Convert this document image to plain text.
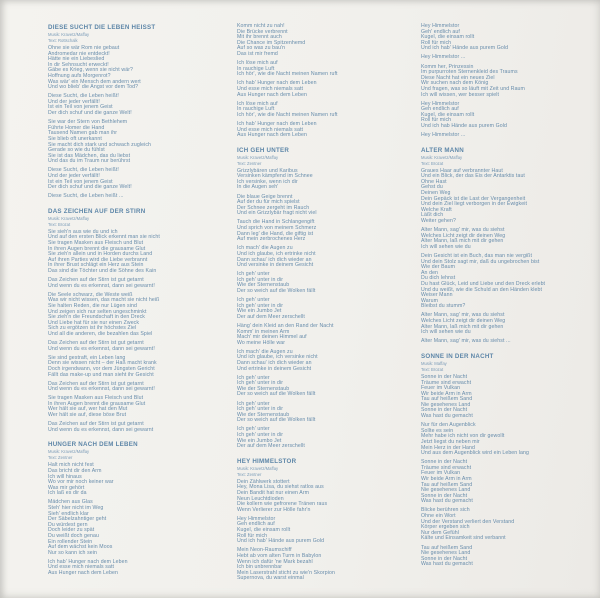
DIESE SUCHT DIE LEBEN HEISST
Musik: Kravetz/Maffay
Text: Rottschalk
Ohne sie wär Rom nie gebaut
Andromedar nie entdeckt!
Hätte nie ein Liebeslied
In dir Sehnsucht erweckt!
Gäbe es Krieg, wenn sie nicht wär?
Hoffnung aufs Morgenrot?
Was wär' ein Mensch dem andern wert
Und wo blieb' die Angst vor dem Tod?
Diese Sucht, die Leben heißt!
Und der jeder verfällt!
Ist ein Teil von jenem Geist
Der dich schuf und die ganze Welt!
Sie war der Stern von Bethlehem
Führte Homer die Hand
Tausend Namen gab man ihr
Sie blieb oft unerkannt
Sie macht dich stark und schwach zugleich
Gerade so wie du fühlst
Sie ist das Mädchen, das du liebst
Und das du im Traum nur berührst
Diese Sucht, die Leben heißt!
Und der jeder verfällt!
Ist ein Teil von jenem Geist
Der dich schuf und die ganze Welt!
Diese Sucht, die Leben heißt ...
DAS ZEICHEN AUF DER STIRN
Musik: Kravetz/Maffay
Text: Brozat
Sie sieh'n aus wie du und ich
Und auf den ersten Blick erkennt man sie nicht
Sie tragen Masken aus Fleisch und Blut
In ihren Augen brennt die grausame Glut
Sie zieh'n allein und in Horden durchs Land
Auf ihren Parties wird die Liebe verbrannt
In ihrer Brust schlägt ein Herz aus Stein
Das sind die Töchter und die Söhne des Kain
Das Zeichen auf der Stirn ist gut getarnt
Und wenn du es erkennst, dann sei gewarnt!
Die Seele schwarz, die Weste weiß
Was wir nicht wissen, das macht sie nicht heiß
Sie halten Reden, die nur Lügen sind
Und zeigen sich nur selten ungeschminkt
Sie zieh'n die Freundschaft in den Dreck
Und Liebe hat für sie nur einen Zweck
Sich zu ergötzen ist ihr höchstes Ziel
Und all die anderen, die bezahlen das Spiel
Das Zeichen auf der Stirn ist gut getarnt
Und wenn du es erkennst, dann sei gewarnt!
Sie sind gestraft, ein Leben lang
Denn sie wissen nicht – der Haß macht krank
Doch irgendwann, vor dem Jüngsten Gericht
Fällt das make-up und man sieht ihr Gesicht
Das Zeichen auf der Stirn ist gut getarnt
Und wenn du es erkennst, dann sei gewarnt!
Sie tragen Masken aus Fleisch und Blut
In ihren Augen brennt die grausame Glut
Wer hält sie auf, wer hat den Mut
Wer hält sie auf, diese böse Brut
Das Zeichen auf der Stirn ist gut getarnt
Und wenn du es erkennst, dann sei gewarnt
HUNGER NACH DEM LEBEN
Musik: Kravetz/Maffay
Text: Zentner
Halt mich nicht fest
Das bricht dir den Arm
Ich will hinaus
Wo vor mir noch keiner war
Was mir gehört
Ich laß es dir da
Mädchen aus Glas
Steh' hier nicht im Weg
Sieh' endlich klar
Der Säbelzahntiger geht
Du würdest gern
Doch leider zu spät
Du weißt doch genau
Ein rollender Stein
Auf dem wächst kein Moos
Nur so kann ich sein
Ich hab' Hunger nach dem Leben
Und esse mich niemals satt
Aus Hunger nach dem Leben
Komm nicht zu nah!
Die Brücke verbrennt
Mit ihr brennt auch
Die Chance im Spitzenhemd
Auf so was zu bau'n
Das ist mir fremd
Ich löse mich auf
In rauchige Luft
Ich hör', wie die Nacht meinen Namen ruft
Ich hab' Hunger nach dem Leben
Und esse mich niemals satt
Aus Hunger nach dem Leben
Ich löse mich auf
In rauchige Luft
Ich hör', wie die Nacht meinen Namen ruft
Ich hab' Hunger nach dem Leben
Und esse mich niemals satt
Aus Hunger nach dem Leben
ICH GEH UNTER
Musik: Kravetz/Maffay
Text: Zentner
Grizzlybären und Karibus
Versinken kämpfend im Schnee
Ich versinke, wenn ich dir
In die Augen seh'
Die blaue Geige brennt
Auf der du für mich spielst
Der Schnee zergeht im Rauch
Und ein Grizzlybär fragt nicht viel
Tauch die Hand in Schlangengift
Und sprich von meinem Schmerz
Dann leg' die Hand, die giftig ist
Auf mein zerbrochenes Herz
Ich mach' die Augen zu
Und ich glaube, ich ertrinke nicht
Dann schau' ich dich wieder an
Und versinke in deinem Gesicht
Ich geh' unter
Ich geh' unter in dir
Wie der Sternenstaub
Der so weich auf die Wolken fällt
Ich geh' unter
Ich geh' unter in dir
Wie ein Jumbo Jet
Der auf dem Meer zerschellt
Häng' dein Kleid an den Rand der Nacht
Komm' in meinen Arm
Mach' mir deinen Himmel auf
Wo meine Hölle war
Ich mach' die Augen zu
Und ich glaube, ich versinke nicht
Dann schau' ich dich wieder an
Und ertrinke in deinem Gesicht
Ich geh' unter
Ich geh' unter in dir
Wie der Sternenstaub
Der so weich auf die Wolken fällt
Ich geh' unter
Ich geh' unter in dir
Wie der Sternenstaub
Der so weich auf die Wolken fällt
Ich geh' unter
Ich geh' unter in dir
Wie ein Jumbo Jet
Der auf dem Meer zerschellt
HEY HIMMELSTOR
Musik: Kravetz/Maffay
Text: Zentner
Dein Zählwerk stottert
Hey, Mona Lisa, du siehst ratlos aus
Dein Bandit hat nur einen Arm
Neun Leuchtdioden
Die kollern wie gefrorene Tränen raus
Wenn Verlierer zur Hölle fahr'n
Hey Himmelstor
Geh endlich auf
Kugel, die einsam rollt
Roll für mich
Und ich hab' Hände aus purem Gold
Mein Neon-Raumschiff
Hebt ab vom alten Turm in Babylon
Wenn ich dafür 'ne Mark bezahl
Ich bin unbrennbar
Mein Laserstrahl sticht zu wie'n Skorpion
Supernova, du warst einmal
Hey Himmelstor
Geh' endlich auf
Kugel, die einsam rollt
Roll für mich
Und ich hab' Hände aus purem Gold
Hey Himmelstor ...
Komm her, Prinzessin
Im purpurroten Sternenkleid des Traums
Diese Nacht hat ein neues Ziel
Wir suchen nach dem König
Und fragen, was so läuft mit Zeit und Raum
Ich will wissen, wer besser spielt
Hey Himmelstor
Geh endlich auf
Kugel, die einsam rollt
Roll für mich
Und ich hab Hände aus purem Gold
Hey Himmelstor ...
ALTER MANN
Musik: Kravetz/Maffay
Text: Brozat
Graues Haar auf verbrannter Haut
Und ein Blick, der das Eis der Antarktis taut
Ohne Hast
Gehst du
Deinen Weg
Dein Gepäck ist die Last der Vergangenheit
Und dein Ziel liegt verborgen in der Ewigkeit
Welche Kraft
Läßt dich
Weiter gehen?
Alter Mann, sag' mir, was du siehst
Welches Licht zeigt dir deinen Weg
Alter Mann, laß mich mit dir gehen
Ich will sehen wie du
Dein Gesicht ist ein Buch, das man nie vergißt
Und dein Stolz sagt mir, daß du ungebrochen bist
Wie der Baum
An den
Du dich lehnst
Du hast Glück, Leid und Liebe und den Dreck erlebt
Und du weißt, wie die Schuld an den Händen klebt
Weiser Mann
Warum
Bleibst du stumm?
Alter Mann, sag' mir, was du siehst
Welches Licht zeigt dir deinen Weg
Alter Mann, laß mich mit dir gehen
Ich will sehen wie du
Alter Mann, sag' mir, was du siehst ...
SONNE IN DER NACHT
Musik: Maffay
Text: Brozat
Sonne in der Nacht
Träume sind erwacht
Feuer im Vulkan
Wir beide Arm in Arm
Tau auf heißem Sand
Nie gesehenes Land
Sonne in der Nacht
Was hast du gemacht
Nur für den Augenblick
Sollte es sein
Mehr habe ich nicht von dir gewollt
Jetzt liegst du neben mir
Mein Herz in der Hand
Und aus dem Augenblick wird ein Leben lang
Sonne in der Nacht
Träume sind erwacht
Feuer im Vulkan
Wir beide Arm in Arm
Tau auf heißem Sand
Nie gesehenes Land
Sonne in der Nacht
Was hast du gemacht
Blicke berühren sich
Ohne ein Wort
Und der Verstand verliert den Verstand
Körper ergeben sich
Nur dem Gefühl
Kälte und Einsamkeit sind verbannt
Tau auf heißem Sand
Nie gesehenes Land
Sonne in der Nacht
Was hast du gemacht
